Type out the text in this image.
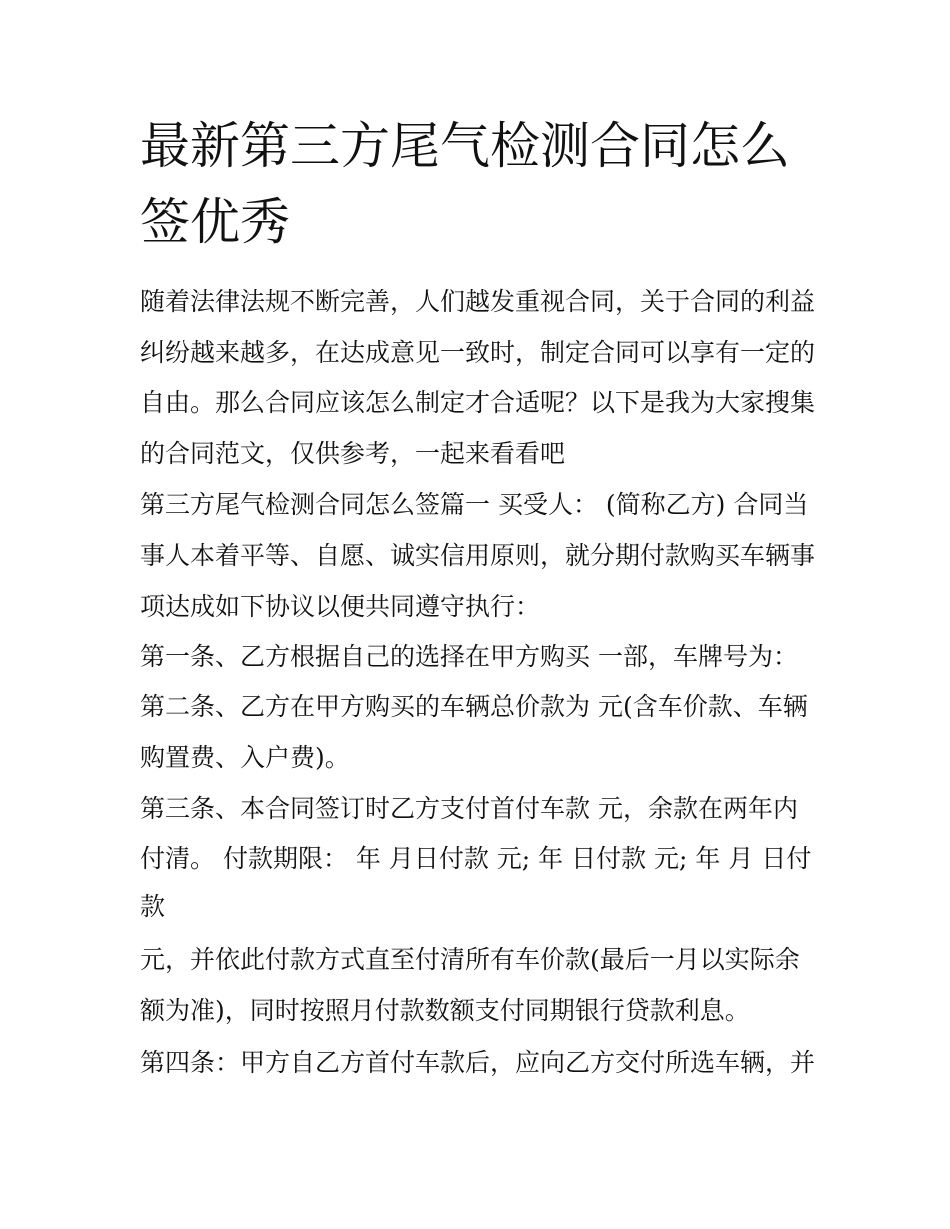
最新第三方尾气检测合同怎么
签优秀
随着法律法规不断完善，人们越发重视合同，关于合同的利益
纠纷越来越多，在达成意见一致时，制定合同可以享有一定的
自由。那么合同应该怎么制定才合适呢？以下是我为大家搜集
的合同范文，仅供参考，一起来看看吧
第三方尾气检测合同怎么签篇一 买受人： (简称乙方) 合同当
事人本着平等、自愿、诚实信用原则，就分期付款购买车辆事
项达成如下协议以便共同遵守执行：
第一条、乙方根据自己的选择在甲方购买 一部，车牌号为：
第二条、乙方在甲方购买的车辆总价款为 元(含车价款、车辆
购置费、入户费)。
第三条、本合同签订时乙方支付首付车款 元，余款在两年内
付清。 付款期限： 年 月日付款 元; 年 日付款 元; 年 月 日付
款
元，并依此付款方式直至付清所有车价款(最后一月以实际余
额为准)，同时按照月付款数额支付同期银行贷款利息。
第四条：甲方自乙方首付车款后，应向乙方交付所选车辆，并
